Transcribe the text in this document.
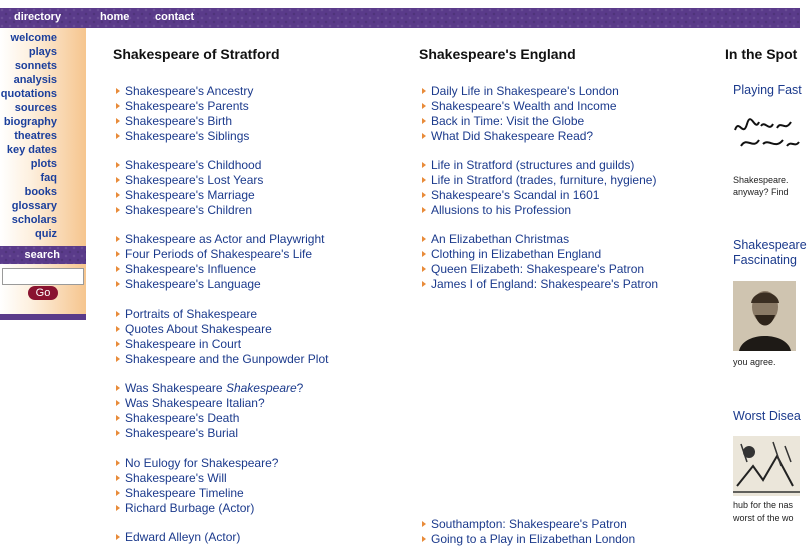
directory	home contact
welcome
plays
sonnets
analysis
quotations
sources
biography
theatres
key dates
plots
faq
books
glossary
scholars
quiz
search
Go
Shakespeare of Stratford
Shakespeare's Ancestry
Shakespeare's Parents
Shakespeare's Birth
Shakespeare's Siblings
Shakespeare's Childhood
Shakespeare's Lost Years
Shakespeare's Marriage
Shakespeare's Children
Shakespeare as Actor and Playwright
Four Periods of Shakespeare's Life
Shakespeare's Influence
Shakespeare's Language
Portraits of Shakespeare
Quotes About Shakespeare
Shakespeare in Court
Shakespeare and the Gunpowder Plot
Was Shakespeare Shakespeare?
Was Shakespeare Italian?
Shakespeare's Death
Shakespeare's Burial
No Eulogy for Shakespeare?
Shakespeare's Will
Shakespeare Timeline
Richard Burbage (Actor)
Edward Alleyn (Actor)
Shakespeare's England
Daily Life in Shakespeare's London
Shakespeare's Wealth and Income
Back in Time: Visit the Globe
What Did Shakespeare Read?
Life in Stratford (structures and guilds)
Life in Stratford (trades, furniture, hygiene)
Shakespeare's Scandal in 1601
Allusions to his Profession
An Elizabethan Christmas
Clothing in Elizabethan England
Queen Elizabeth: Shakespeare's Patron
James I of England: Shakespeare's Patron
Southampton: Shakespeare's Patron
Going to a Play in Elizabethan London
In the Spot
Playing Fast
Shakespeare.
anyway? Find
Shakespeare
Fascinating
you agree.
Worst Disea
hub for the nas
worst of the wo
